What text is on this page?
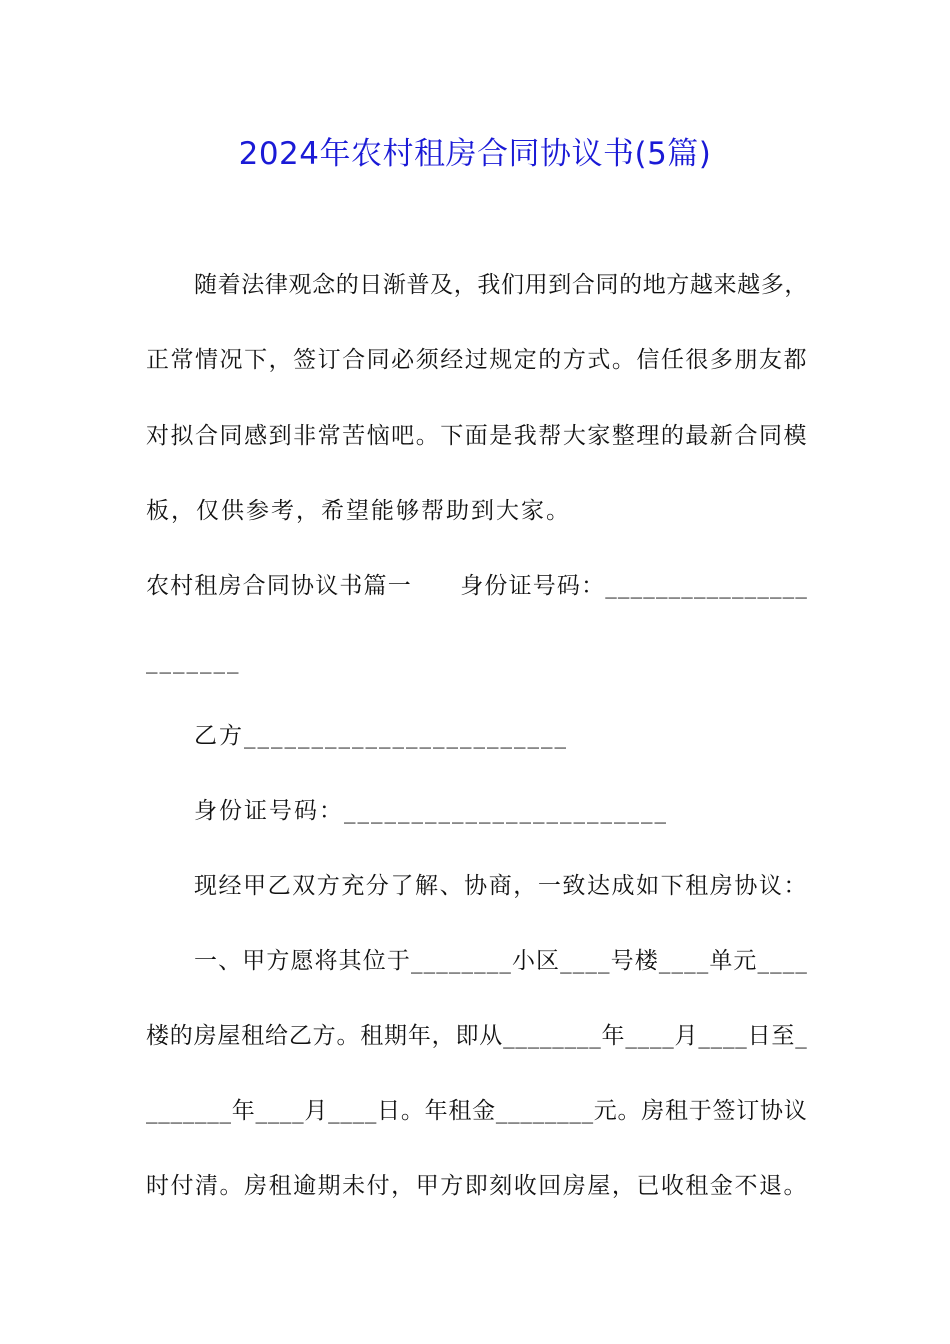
2024年农村租房合同协议书(5篇)
随着法律观念的日渐普及，我们用到合同的地方越来越多，
正常情况下，签订合同必须经过规定的方式。信任很多朋友都
对拟合同感到非常苦恼吧。下面是我帮大家整理的最新合同模
板，仅供参考，希望能够帮助到大家。
农村租房合同协议书篇一　　身份证号码：________________
_______
乙方________________________
身份证号码：________________________
现经甲乙双方充分了解、协商，一致达成如下租房协议：
一、甲方愿将其位于________小区____号楼____单元____
楼的房屋租给乙方。租期年，即从________年____月____日至_
_______年____月____日。年租金________元。房租于签订协议
时付清。房租逾期未付，甲方即刻收回房屋，已收租金不退。
